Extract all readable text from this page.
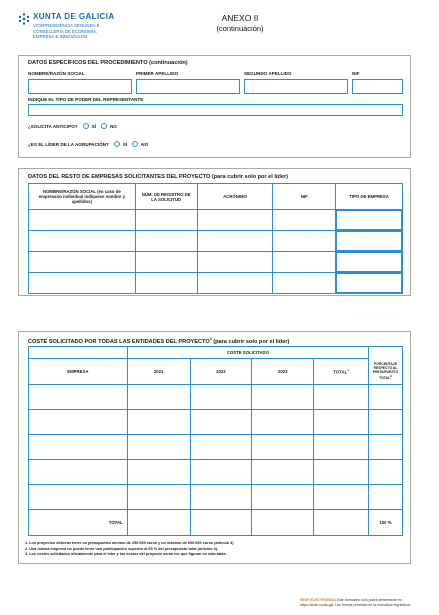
XUNTA DE GALICIA
VICEPRESIDENCIA SEGUNDA E
CONSELLERÍA DE ECONOMÍA,
EMPRESA E INNOVACIÓN
ANEXO II
(continuación)
DATOS ESPECÍFICOS DEL PROCEDIMIENTO (continuación)
NOMBRE/RAZÓN SOCIAL	PRIMER APELLIDO	SEGUNDO APELLIDO	NIF
INDIQUE EL TIPO DE PODER DEL REPRESENTANTE
¿SOLICITA ANTICIPO?	SÍ	NO
¿ES EL LÍDER DE LA AGRUPACIÓN?	SÍ	NO
DATOS DEL RESTO DE EMPRESAS SOLICITANTES DEL PROYECTO (para cubrir solo por el líder)
NOMBRE/RAZÓN SOCIAL (en caso de empresario individual indíquese nombre y apellidos)	NÚM. DE REGISTRO DE LA SOLICITUD	ACRÓNIMO	NIF	TIPO DE EMPRESA

COSTE SOLICITADO POR TODAS LAS ENTIDADES DEL PROYECTO$^3$ (para cubrir solo por el líder)
	COSTE SOLICITADO				
EMPRESA	2021	2022	2023	TOTAL$^1$	PORCENTAJE
RESPECTO AL
PRESUPUESTO
TOTAL$^2$

TOTAL					100 %
1. Los proyectos deberán tener un presupuesto mínimo de 250.000 euros y un máximo de 600.000 euros (artículo 3)
2. Una misma empresa no puede tener una participación superior al 65 % del presupuesto total (artículo 3).
3. Los costes solicitados oficialmente para el líder y los socios del proyecto serán los que figuran en esta tabla.
SEDE ELECTRÓNICA Este formulario solo podrá presentarse en https://sede.xunta.gal. Las formas previstas en la normativa reguladora
